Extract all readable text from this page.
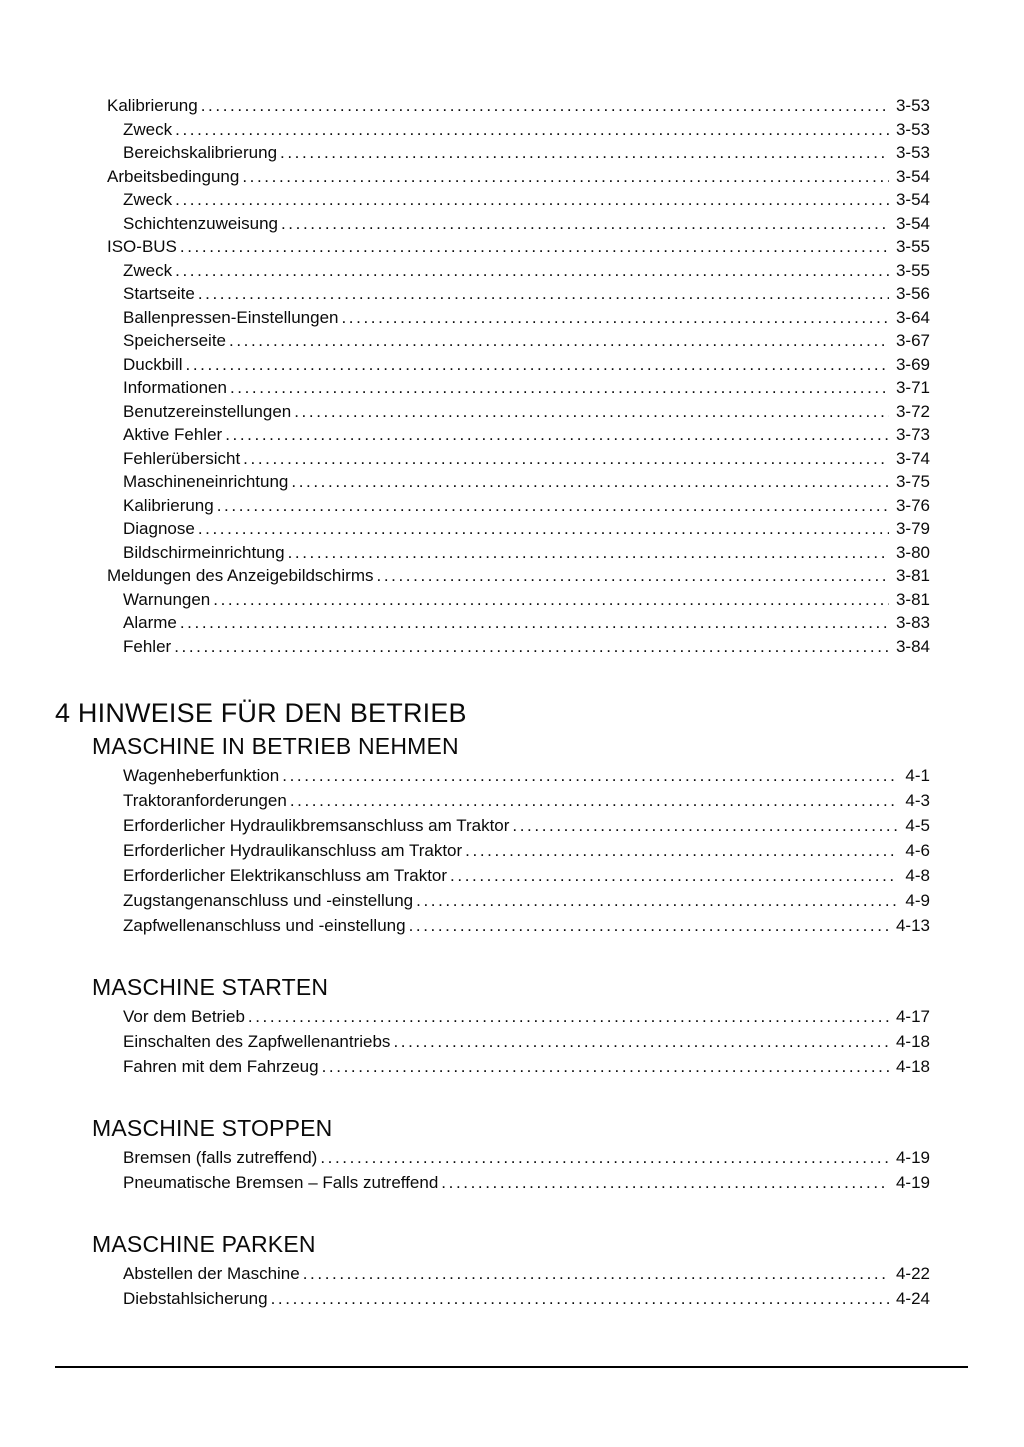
Kalibrierung .....	3-53
Zweck .....	3-53
Bereichskalibrierung .....	3-53
Arbeitsbedingung .....	3-54
Zweck .....	3-54
Schichtenzuweisung .....	3-54
ISO-BUS .....	3-55
Zweck .....	3-55
Startseite .....	3-56
Ballenpressen-Einstellungen .....	3-64
Speicherseite .....	3-67
Duckbill .....	3-69
Informationen .....	3-71
Benutzereinstellungen .....	3-72
Aktive Fehler .....	3-73
Fehlerübersicht .....	3-74
Maschineneinrichtung .....	3-75
Kalibrierung .....	3-76
Diagnose .....	3-79
Bildschirmeinrichtung .....	3-80
Meldungen des Anzeigebildschirms .....	3-81
Warnungen .....	3-81
Alarme .....	3-83
Fehler .....	3-84
4 HINWEISE FÜR DEN BETRIEB
MASCHINE IN BETRIEB NEHMEN
Wagenheberfunktion .....	4-1
Traktoranforderungen .....	4-3
Erforderlicher Hydraulikbremsanschluss am Traktor .....	4-5
Erforderlicher Hydraulikanschluss am Traktor .....	4-6
Erforderlicher Elektrikanschluss am Traktor .....	4-8
Zugstangenanschluss und -einstellung .....	4-9
Zapfwellenanschluss und -einstellung .....	4-13
MASCHINE STARTEN
Vor dem Betrieb .....	4-17
Einschalten des Zapfwellenantriebs .....	4-18
Fahren mit dem Fahrzeug .....	4-18
MASCHINE STOPPEN
Bremsen (falls zutreffend) .....	4-19
Pneumatische Bremsen – Falls zutreffend .....	4-19
MASCHINE PARKEN
Abstellen der Maschine .....	4-22
Diebstahlsicherung .....	4-24
